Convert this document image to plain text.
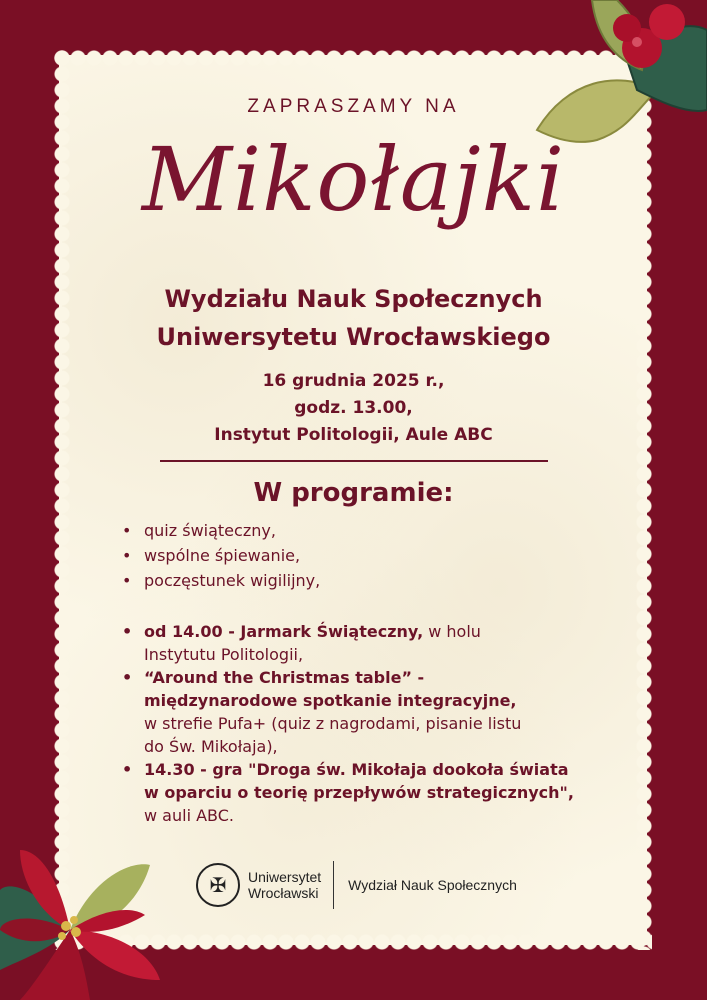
ZAPRASZAMY NA
Mikołajki
Wydziału Nauk Społecznych
Uniwersytetu Wrocławskiego
16 grudnia 2025 r.,
godz. 13.00,
Instytut Politologii, Aule ABC
W programie:
• quiz świąteczny,
• wspólne śpiewanie,
• poczęstunek wigilijny,
• od 14.00 - Jarmark Świąteczny, w holu
Instytutu Politologii,
• “Around the Christmas table” -
międzynarodowe spotkanie integracyjne,
w strefie Pufa+ (quiz z nagrodami, pisanie listu
do Św. Mikołaja),
• 14.30 - gra "Droga św. Mikołaja dookoła świata
w oparciu o teorię przepływów strategicznych",
w auli ABC.
✠	Uniwersytet
Wrocławski Wydział Nauk Społecznych
